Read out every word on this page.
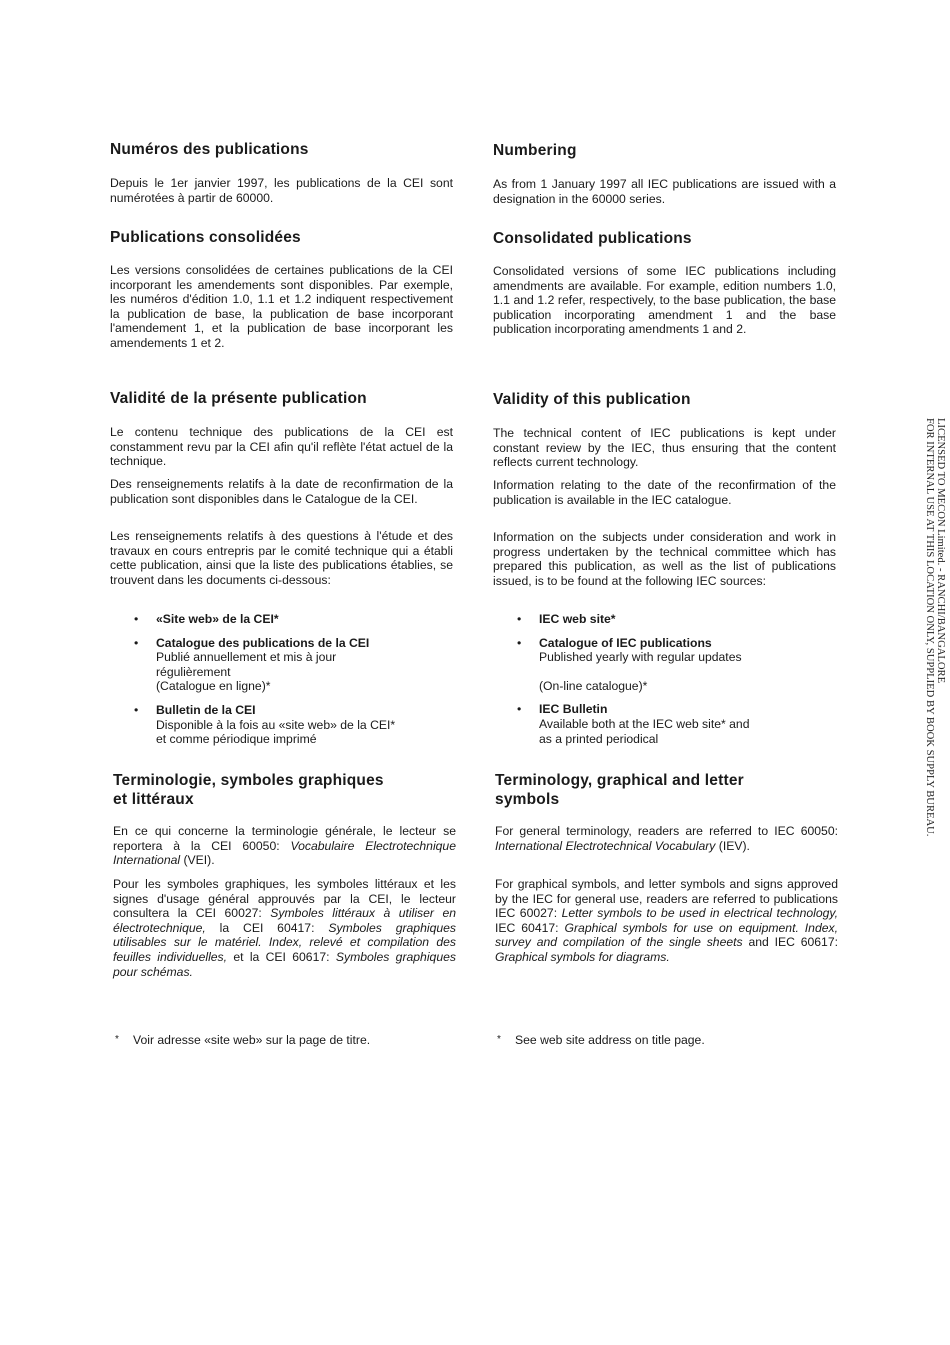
Numéros des publications

Depuis le 1er janvier 1997, les publications de la CEI sont numérotées à partir de 60000.

Publications consolidées

Les versions consolidées de certaines publications de la CEI incorporant les amendements sont disponibles. Par exemple, les numéros d'édition 1.0, 1.1 et 1.2 indiquent respectivement la publication de base, la publication de base incorporant l'amendement 1, et la publication de base incorporant les amendements 1 et 2.

Validité de la présente publication

Le contenu technique des publications de la CEI est constamment revu par la CEI afin qu'il reflète l'état actuel de la technique.

Des renseignements relatifs à la date de reconfirmation de la publication sont disponibles dans le Catalogue de la CEI.

Les renseignements relatifs à des questions à l'étude et des travaux en cours entrepris par le comité technique qui a établi cette publication, ainsi que la liste des publications établies, se trouvent dans les documents ci-dessous:

• «Site web» de la CEI*
• Catalogue des publications de la CEI
Publié annuellement et mis à jour
régulièrement
(Catalogue en ligne)*
• Bulletin de la CEI
Disponible à la fois au «site web» de la CEI*
et comme périodique imprimé
Terminologie, symboles graphiques
et littéraux

En ce qui concerne la terminologie générale, le lecteur se reportera à la CEI 60050: Vocabulaire Electrotechnique International (VEI).

Pour les symboles graphiques, les symboles littéraux et les signes d'usage général approuvés par la CEI, le lecteur consultera la CEI 60027: Symboles littéraux à utiliser en électrotechnique, la CEI 60417: Symboles graphiques utilisables sur le matériel. Index, relevé et compilation des feuilles individuelles, et la CEI 60617: Symboles graphiques pour schémas.

* Voir adresse «site web» sur la page de titre.
Numbering

As from 1 January 1997 all IEC publications are issued with a designation in the 60000 series.

Consolidated publications

Consolidated versions of some IEC publications including amendments are available. For example, edition numbers 1.0, 1.1 and 1.2 refer, respectively, to the base publication, the base publication incorporating amendment 1 and the base publication incorporating amendments 1 and 2.

Validity of this publication

The technical content of IEC publications is kept under constant review by the IEC, thus ensuring that the content reflects current technology.

Information relating to the date of the reconfirmation of the publication is available in the IEC catalogue.

Information on the subjects under consideration and work in progress undertaken by the technical committee which has prepared this publication, as well as the list of publications issued, is to be found at the following IEC sources:

• IEC web site*
• Catalogue of IEC publications
Published yearly with regular updates
(On-line catalogue)*
• IEC Bulletin
Available both at the IEC web site* and
as a printed periodical
Terminology, graphical and letter
symbols

For general terminology, readers are referred to IEC 60050: International Electrotechnical Vocabulary (IEV).

For graphical symbols, and letter symbols and signs approved by the IEC for general use, readers are referred to publications IEC 60027: Letter symbols to be used in electrical technology, IEC 60417: Graphical symbols for use on equipment. Index, survey and compilation of the single sheets and IEC 60617: Graphical symbols for diagrams.

* See web site address on title page.
LICENSED TO MECON Limited. - RANCHI/BANGALORE
FOR INTERNAL USE AT THIS LOCATION ONLY, SUPPLIED BY BOOK SUPPLY BUREAU.
